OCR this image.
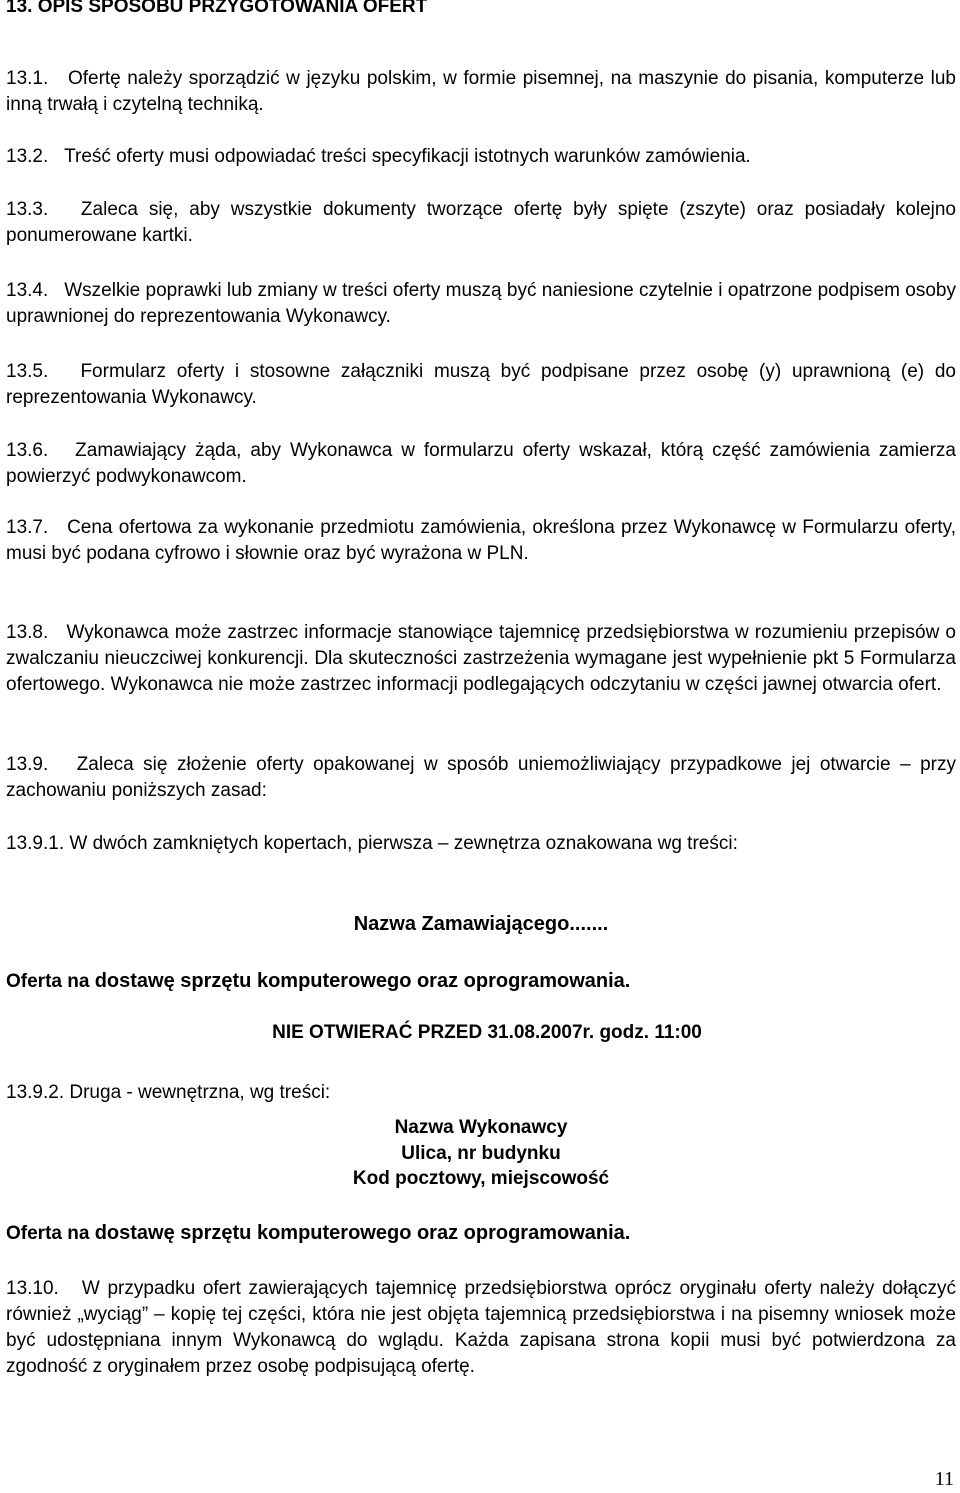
13. OPIS SPOSOBU PRZYGOTOWANIA OFERT
13.1. Ofertę należy sporządzić w języku polskim, w formie pisemnej, na maszynie do pisania, komputerze lub inną trwałą i czytelną techniką.
13.2. Treść oferty musi odpowiadać treści specyfikacji istotnych warunków zamówienia.
13.3. Zaleca się, aby wszystkie dokumenty tworzące ofertę były spięte (zszyte) oraz posiadały kolejno ponumerowane kartki.
13.4. Wszelkie poprawki lub zmiany w treści oferty muszą być naniesione czytelnie i opatrzone podpisem osoby uprawnionej do reprezentowania Wykonawcy.
13.5. Formularz oferty i stosowne załączniki muszą być podpisane przez osobę (y) uprawnioną (e) do reprezentowania Wykonawcy.
13.6. Zamawiający żąda, aby Wykonawca w formularzu oferty wskazał, którą część zamówienia zamierza powierzyć podwykonawcom.
13.7. Cena ofertowa za wykonanie przedmiotu zamówienia, określona przez Wykonawcę w Formularzu oferty, musi być podana cyfrowo i słownie oraz być wyrażona w PLN.
13.8. Wykonawca może zastrzec informacje stanowiące tajemnicę przedsiębiorstwa w rozumieniu przepisów o zwalczaniu nieuczciwej konkurencji. Dla skuteczności zastrzeżenia wymagane jest wypełnienie pkt 5 Formularza ofertowego. Wykonawca nie może zastrzec informacji podlegających odczytaniu w części jawnej otwarcia ofert.
13.9. Zaleca się złożenie oferty opakowanej w sposób uniemożliwiający przypadkowe jej otwarcie – przy zachowaniu poniższych zasad:
13.9.1. W dwóch zamkniętych kopertach, pierwsza – zewnętrza oznakowana wg treści:
Nazwa Zamawiającego.......
Oferta na dostawę sprzętu komputerowego oraz oprogramowania.
NIE OTWIERAĆ PRZED 31.08.2007r. godz. 11:00
13.9.2. Druga - wewnętrzna, wg treści:
Nazwa Wykonawcy
Ulica, nr budynku
Kod pocztowy, miejscowość
Oferta na dostawę sprzętu komputerowego oraz oprogramowania.
13.10. W przypadku ofert zawierających tajemnicę przedsiębiorstwa oprócz oryginału oferty należy dołączyć również „wyciąg” – kopię tej części, która nie jest objęta tajemnicą przedsiębiorstwa i na pisemny wniosek może być udostępniana innym Wykonawcą do wglądu. Każda zapisana strona kopii musi być potwierdzona za zgodność z oryginałem przez osobę podpisującą ofertę.
11
